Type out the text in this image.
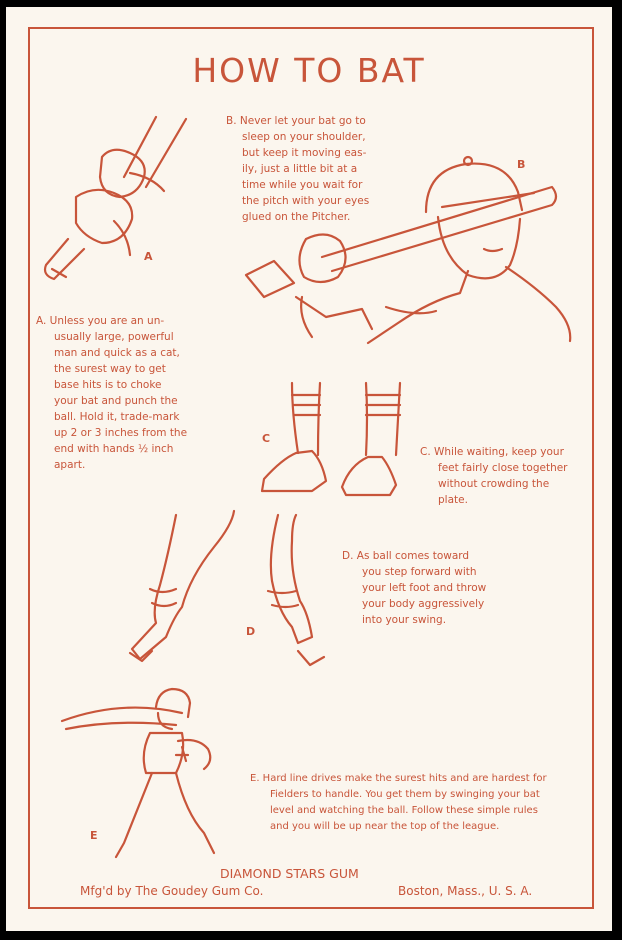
HOW TO BAT
A
B
C
D
E
B. Never let your bat go to
sleep on your shoulder,
but keep it moving eas-
ily, just a little bit at a
time while you wait for
the pitch with your eyes
glued on the Pitcher.
A. Unless you are an un-
usually large, powerful
man and quick as a cat,
the surest way to get
base hits is to choke
your bat and punch the
ball. Hold it, trade-mark
up 2 or 3 inches from the
end with hands ½ inch
apart.
C. While waiting, keep your
feet fairly close together
without crowding the
plate.
D. As ball comes toward
you step forward with
your left foot and throw
your body aggressively
into your swing.
E. Hard line drives make the surest hits and are hardest for
Fielders to handle. You get them by swinging your bat
level and watching the ball. Follow these simple rules
and you will be up near the top of the league.
DIAMOND STARS GUM
Mfg'd by The Goudey Gum Co.	Boston, Mass., U. S. A.
